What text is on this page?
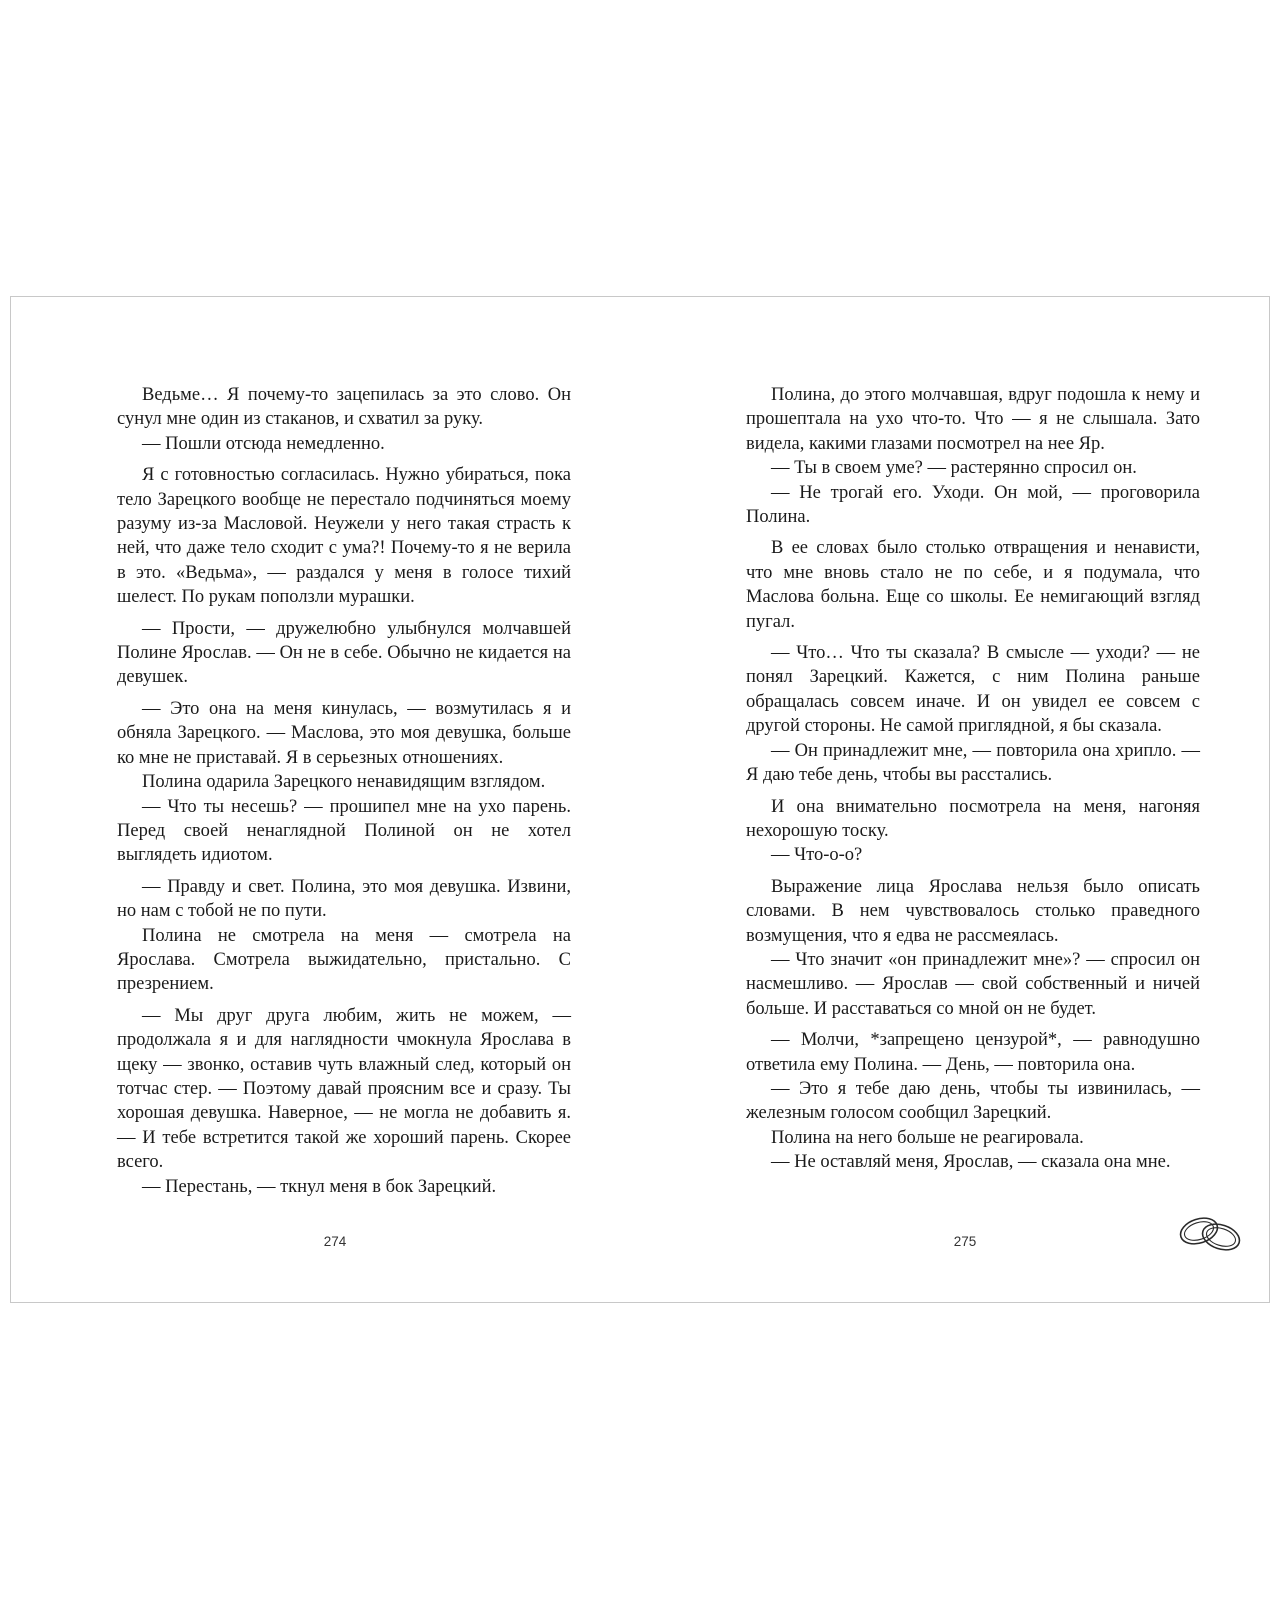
Ведьме… Я почему-то зацепилась за это слово. Он сунул мне один из стаканов, и схватил за руку.

— Пошли отсюда немедленно.

Я с готовностью согласилась. Нужно убираться, пока тело Зарецкого вообще не перестало подчиняться моему разуму из-за Масловой. Неужели у него такая страсть к ней, что даже тело сходит с ума?! Почему-то я не верила в это. «Ведьма», — раздался у меня в голосе тихий шелест. По рукам поползли мурашки.

— Прости, — дружелюбно улыбнулся молчавшей Полине Ярослав. — Он не в себе. Обычно не кидается на девушек.

— Это она на меня кинулась, — возмутилась я и обняла Зарецкого. — Маслова, это моя девушка, больше ко мне не приставай. Я в серьезных отношениях.

Полина одарила Зарецкого ненавидящим взглядом.

— Что ты несешь? — прошипел мне на ухо парень. Перед своей ненаглядной Полиной он не хотел выглядеть идиотом.

— Правду и свет. Полина, это моя девушка. Извини, но нам с тобой не по пути.

Полина не смотрела на меня — смотрела на Ярослава. Смотрела выжидательно, пристально. С презрением.

— Мы друг друга любим, жить не можем, — продолжала я и для наглядности чмокнула Ярослава в щеку — звонко, оставив чуть влажный след, который он тотчас стер. — Поэтому давай проясним все и сразу. Ты хорошая девушка. Наверное, — не могла не добавить я. — И тебе встретится такой же хороший парень. Скорее всего.

— Перестань, — ткнул меня в бок Зарецкий.

274

Полина, до этого молчавшая, вдруг подошла к нему и прошептала на ухо что-то. Что — я не слышала. Зато видела, какими глазами посмотрел на нее Яр.

— Ты в своем уме? — растерянно спросил он.

— Не трогай его. Уходи. Он мой, — проговорила Полина.

В ее словах было столько отвращения и ненависти, что мне вновь стало не по себе, и я подумала, что Маслова больна. Еще со школы. Ее немигающий взгляд пугал.

— Что… Что ты сказала? В смысле — уходи? — не понял Зарецкий. Кажется, с ним Полина раньше обращалась совсем иначе. И он увидел ее совсем с другой стороны. Не самой приглядной, я бы сказала.

— Он принадлежит мне, — повторила она хрипло. — Я даю тебе день, чтобы вы расстались.

И она внимательно посмотрела на меня, нагоняя нехорошую тоску.

— Что-о-о?

Выражение лица Ярослава нельзя было описать словами. В нем чувствовалось столько праведного возмущения, что я едва не рассмеялась.

— Что значит «он принадлежит мне»? — спросил он насмешливо. — Ярослав — свой собственный и ничей больше. И расставаться со мной он не будет.

— Молчи, *запрещено цензурой*, — равнодушно ответила ему Полина. — День, — повторила она.

— Это я тебе даю день, чтобы ты извинилась, — железным голосом сообщил Зарецкий.

Полина на него больше не реагировала.

— Не оставляй меня, Ярослав, — сказала она мне.

275
